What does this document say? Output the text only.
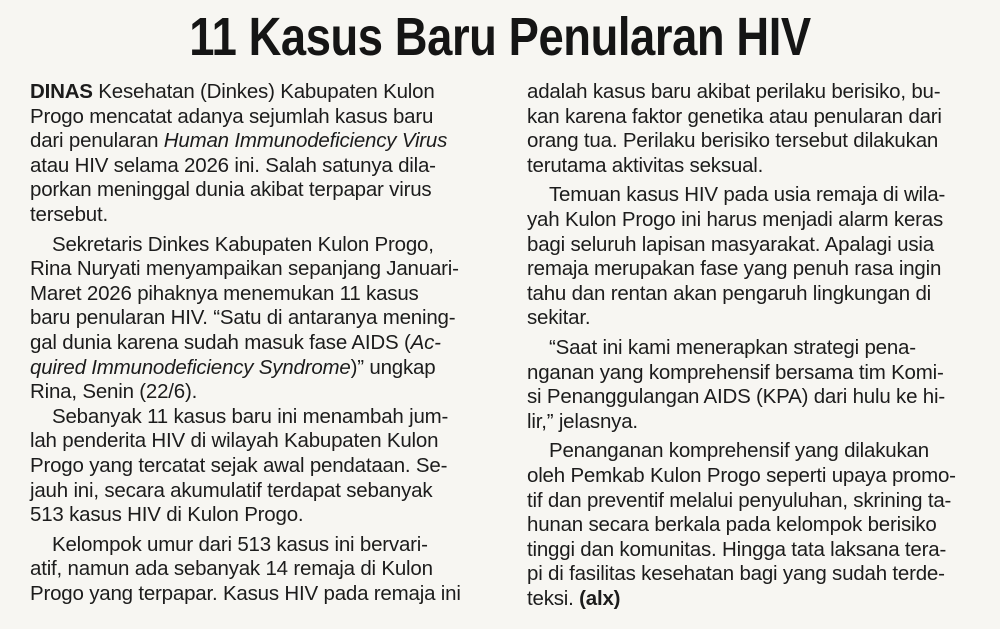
11 Kasus Baru Penularan HIV
DINAS Kesehatan (Dinkes) Kabupaten Kulon
Progo mencatat adanya sejumlah kasus baru
dari penularan Human Immunodeficiency Virus
atau HIV selama 2026 ini. Salah satunya dila-
porkan meninggal dunia akibat terpapar virus
tersebut.
Sekretaris Dinkes Kabupaten Kulon Progo,
Rina Nuryati menyampaikan sepanjang Januari-
Maret 2026 pihaknya menemukan 11 kasus
baru penularan HIV. “Satu di antaranya mening-
gal dunia karena sudah masuk fase AIDS (Ac-
quired Immunodeficiency Syndrome)” ungkap
Rina, Senin (22/6).
Sebanyak 11 kasus baru ini menambah jum-
lah penderita HIV di wilayah Kabupaten Kulon
Progo yang tercatat sejak awal pendataan. Se-
jauh ini, secara akumulatif terdapat sebanyak
513 kasus HIV di Kulon Progo.
Kelompok umur dari 513 kasus ini bervari-
atif, namun ada sebanyak 14 remaja di Kulon
Progo yang terpapar. Kasus HIV pada remaja ini
adalah kasus baru akibat perilaku berisiko, bu-
kan karena faktor genetika atau penularan dari
orang tua. Perilaku berisiko tersebut dilakukan
terutama aktivitas seksual.
Temuan kasus HIV pada usia remaja di wila-
yah Kulon Progo ini harus menjadi alarm keras
bagi seluruh lapisan masyarakat. Apalagi usia
remaja merupakan fase yang penuh rasa ingin
tahu dan rentan akan pengaruh lingkungan di
sekitar.
“Saat ini kami menerapkan strategi pena-
nganan yang komprehensif bersama tim Komi-
si Penanggulangan AIDS (KPA) dari hulu ke hi-
lir,” jelasnya.
Penanganan komprehensif yang dilakukan
oleh Pemkab Kulon Progo seperti upaya promo-
tif dan preventif melalui penyuluhan, skrining ta-
hunan secara berkala pada kelompok berisiko
tinggi dan komunitas. Hingga tata laksana tera-
pi di fasilitas kesehatan bagi yang sudah terde-
teksi. (alx)
